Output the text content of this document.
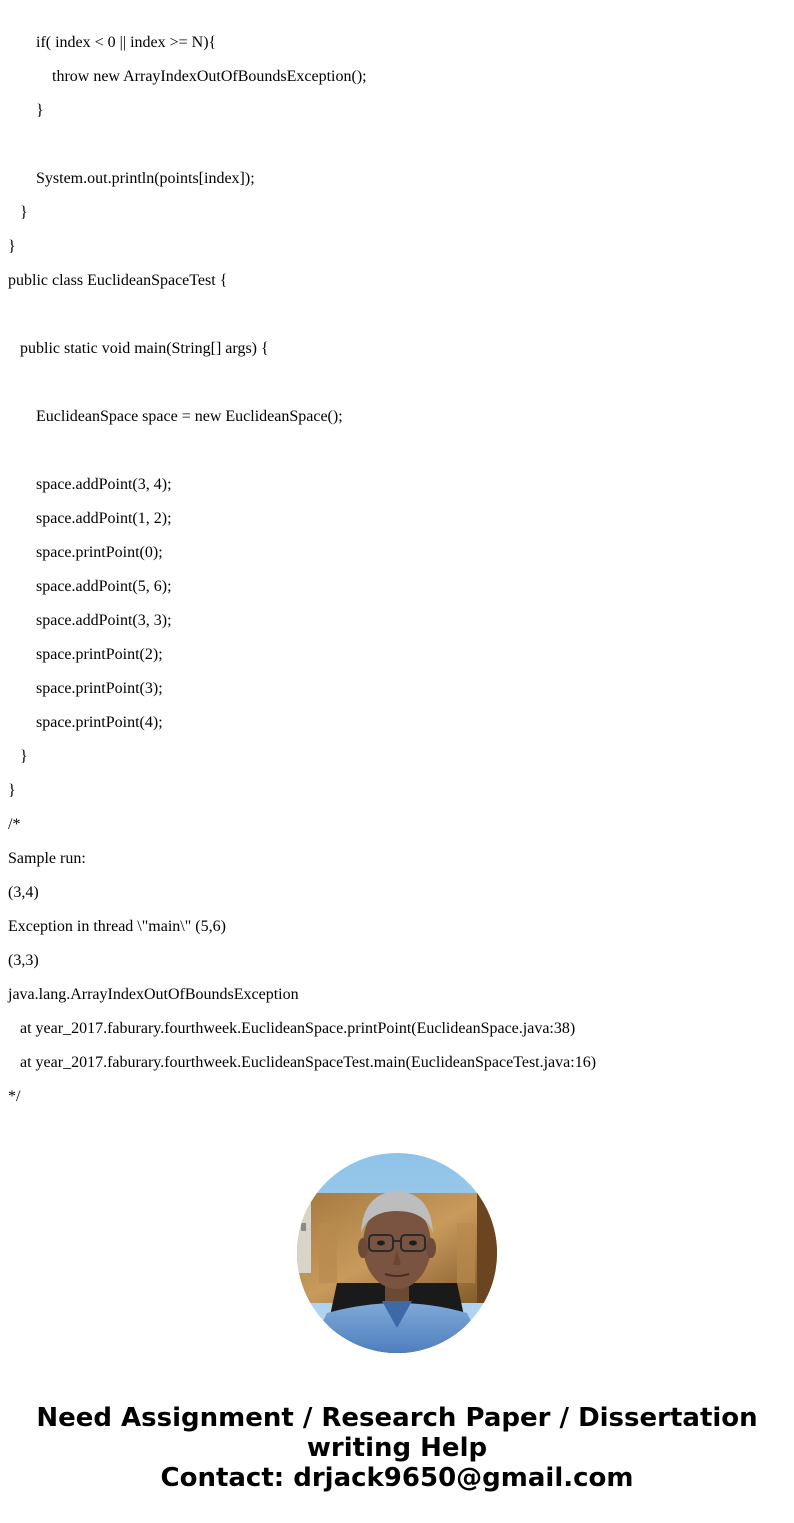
if( index < 0 || index >= N){
throw new ArrayIndexOutOfBoundsException();
}
System.out.println(points[index]);
}
}
public class EuclideanSpaceTest {
public static void main(String[] args) {
EuclideanSpace space = new EuclideanSpace();
space.addPoint(3, 4);
space.addPoint(1, 2);
space.printPoint(0);
space.addPoint(5, 6);
space.addPoint(3, 3);
space.printPoint(2);
space.printPoint(3);
space.printPoint(4);
}
}
/*
Sample run:
(3,4)
Exception in thread \"main\" (5,6)
(3,3)
java.lang.ArrayIndexOutOfBoundsException
at year_2017.faburary.fourthweek.EuclideanSpace.printPoint(EuclideanSpace.java:38)
at year_2017.faburary.fourthweek.EuclideanSpaceTest.main(EuclideanSpaceTest.java:16)
*/
Need Assignment / Research Paper / Dissertation
writing Help
Contact: drjack9650@gmail.com
